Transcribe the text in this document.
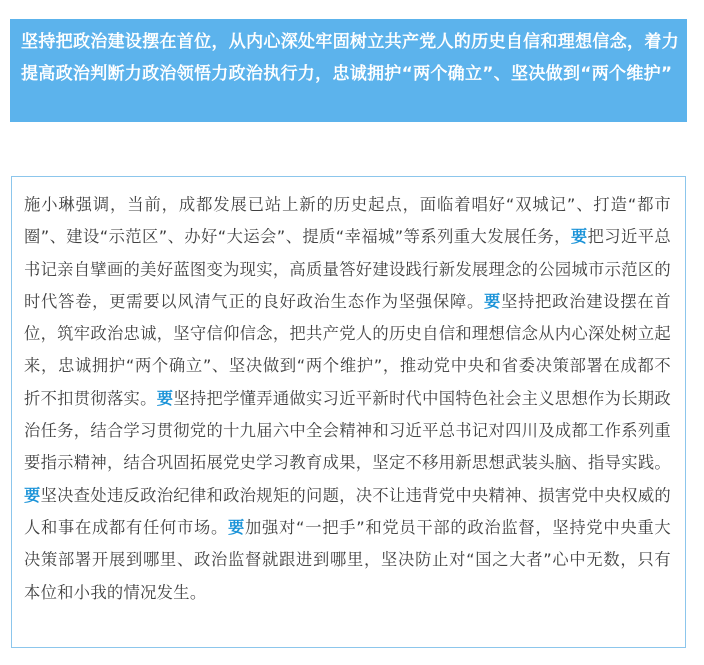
坚持把政治建设摆在首位，从内心深处牢固树立共产党人的历史自信和理想信念，着力提高政治判断力政治领悟力政治执行力，忠诚拥护“两个确立”、坚决做到“两个维护”
施小琳强调，当前，成都发展已站上新的历史起点，面临着唱好“双城记”、打造“都市圈”、建设“示范区”、办好“大运会”、提质“幸福城”等系列重大发展任务，要把习近平总书记亲自擘画的美好蓝图变为现实，高质量答好建设践行新发展理念的公园城市示范区的时代答卷，更需要以风清气正的良好政治生态作为坚强保障。要坚持把政治建设摆在首位，筑牢政治忠诚，坚守信仰信念，把共产党人的历史自信和理想信念从内心深处树立起来，忠诚拥护“两个确立”、坚决做到“两个维护”，推动党中央和省委决策部署在成都不折不扣贯彻落实。要坚持把学懂弄通做实习近平新时代中国特色社会主义思想作为长期政治任务，结合学习贯彻党的十九届六中全会精神和习近平总书记对四川及成都工作系列重要指示精神，结合巩固拓展党史学习教育成果，坚定不移用新思想武装头脑、指导实践。要坚决查处违反政治纪律和政治规矩的问题，决不让违背党中央精神、损害党中央权威的人和事在成都有任何市场。要加强对“一把手”和党员干部的政治监督，坚持党中央重大决策部署开展到哪里、政治监督就跟进到哪里，坚决防止对“国之大者”心中无数，只有本位和小我的情况发生。
